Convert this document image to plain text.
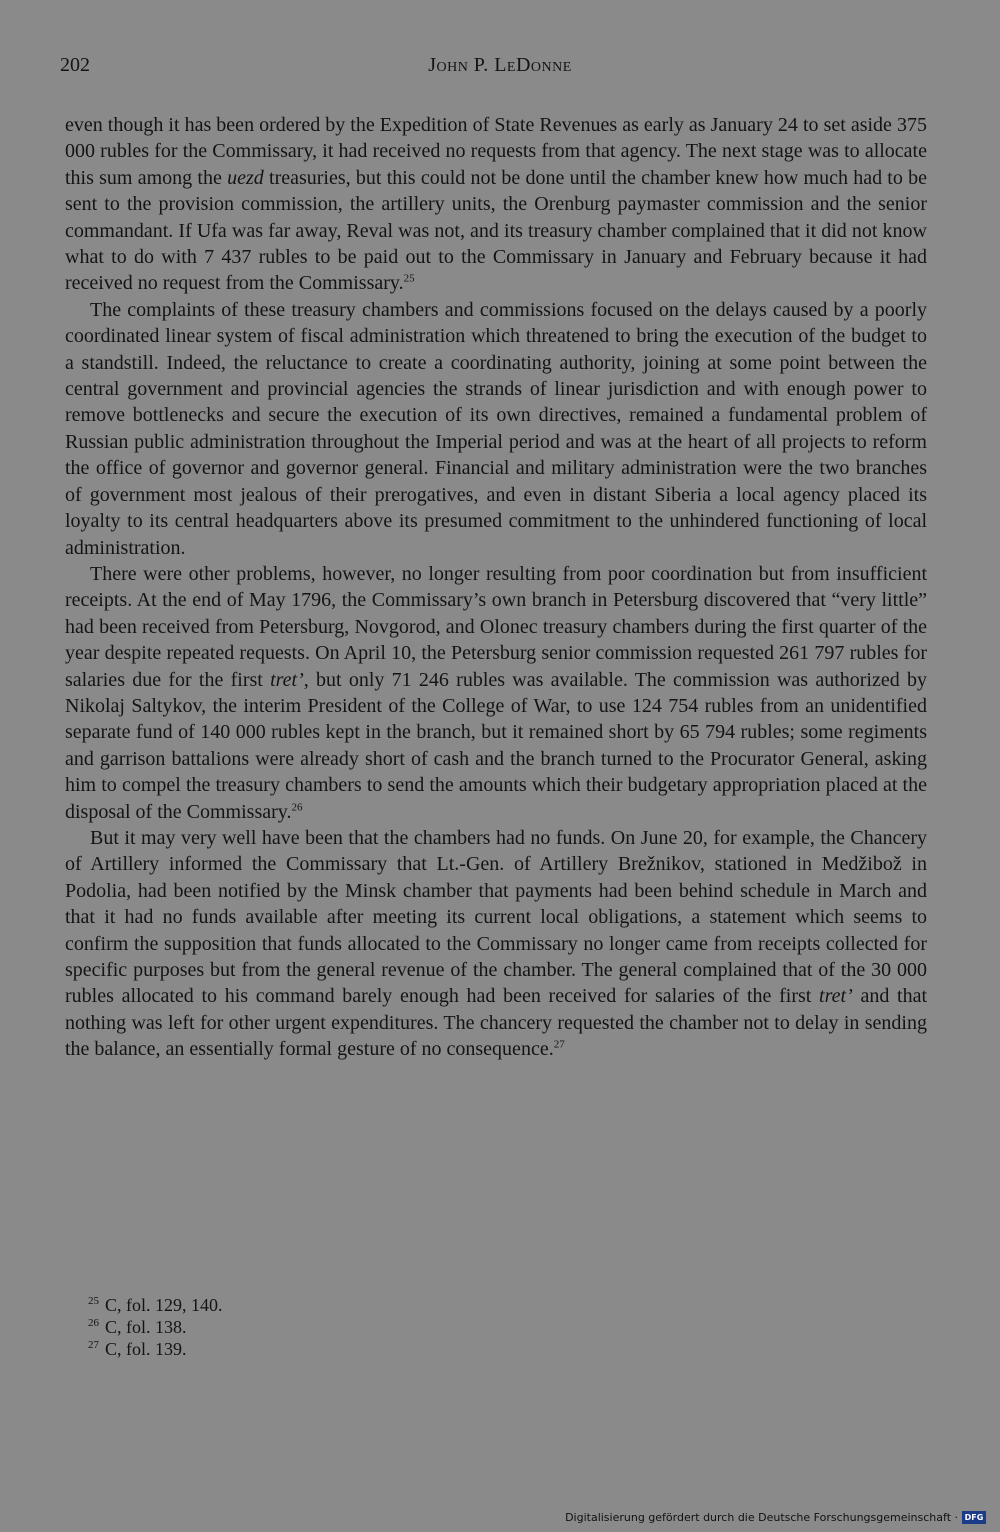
202	John P. LeDonne

even though it has been ordered by the Expedition of State Revenues as early as January 24 to set aside 375 000 rubles for the Commissary, it had received no requests from that agency. The next stage was to allocate this sum among the uezd treasuries, but this could not be done until the chamber knew how much had to be sent to the provision commission, the artillery units, the Orenburg paymaster commission and the senior commandant. If Ufa was far away, Reval was not, and its treasury chamber complained that it did not know what to do with 7 437 rubles to be paid out to the Commissary in January and February because it had received no request from the Commissary.$^{25}$

The complaints of these treasury chambers and commissions focused on the delays caused by a poorly coordinated linear system of fiscal administration which threatened to bring the execution of the budget to a standstill. Indeed, the reluctance to create a coordinating authority, joining at some point between the central government and provincial agencies the strands of linear jurisdiction and with enough power to remove bottlenecks and secure the execution of its own directives, remained a fundamental problem of Russian public administration throughout the Imperial period and was at the heart of all projects to reform the office of governor and governor general. Financial and military administration were the two branches of government most jealous of their prerogatives, and even in distant Siberia a local agency placed its loyalty to its central headquarters above its presumed commitment to the unhindered functioning of local administration.

There were other problems, however, no longer resulting from poor coordination but from insufficient receipts. At the end of May 1796, the Commissary’s own branch in Petersburg discovered that “very little” had been received from Petersburg, Novgorod, and Olonec treasury chambers during the first quarter of the year despite repeated requests. On April 10, the Petersburg senior commission requested 261 797 rubles for salaries due for the first tret’, but only 71 246 rubles was available. The commission was authorized by Nikolaj Saltykov, the interim President of the College of War, to use 124 754 rubles from an unidentified separate fund of 140 000 rubles kept in the branch, but it remained short by 65 794 rubles; some regiments and garrison battalions were already short of cash and the branch turned to the Procurator General, asking him to compel the treasury chambers to send the amounts which their budgetary appropriation placed at the disposal of the Commissary.$^{26}$

But it may very well have been that the chambers had no funds. On June 20, for example, the Chancery of Artillery informed the Commissary that Lt.-Gen. of Artillery Brežnikov, stationed in Medžibož in Podolia, had been notified by the Minsk chamber that payments had been behind schedule in March and that it had no funds available after meeting its current local obligations, a statement which seems to confirm the supposition that funds allocated to the Commissary no longer came from receipts collected for specific purposes but from the general revenue of the chamber. The general complained that of the 30 000 rubles allocated to his command barely enough had been received for salaries of the first tret’ and that nothing was left for other urgent expenditures. The chancery requested the chamber not to delay in sending the balance, an essentially formal gesture of no consequence.$^{27}$

$^{25}$ C, fol. 129, 140.
$^{26}$ C, fol. 138.
$^{27}$ C, fol. 139.
Digitalisierung gefördert durch die Deutsche Forschungsgemeinschaft · DFG
